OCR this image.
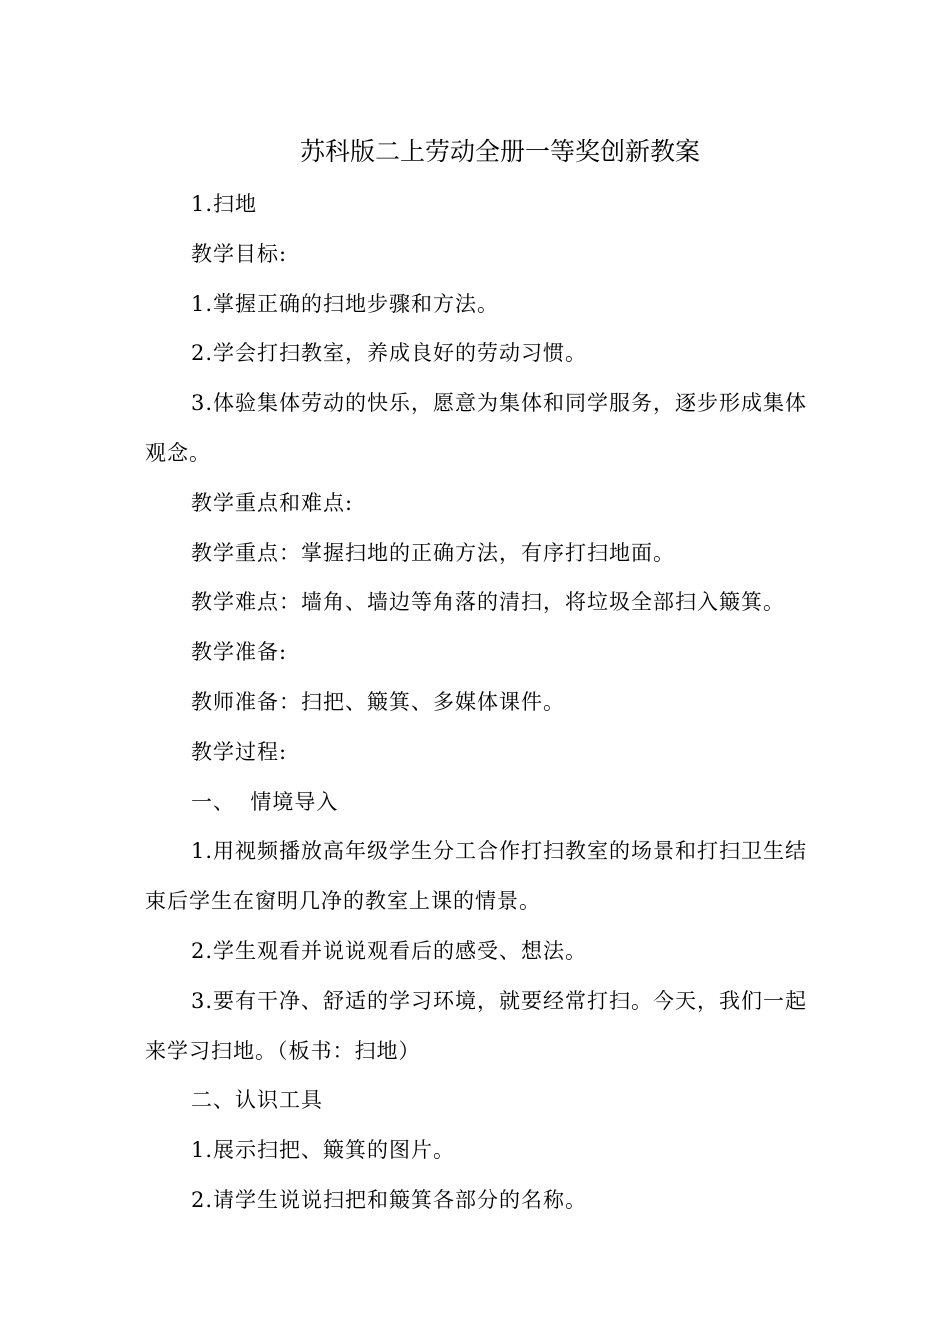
苏科版二上劳动全册一等奖创新教案

1.扫地

教学目标:

1.掌握正确的扫地步骤和方法。

2.学会打扫教室，养成良好的劳动习惯。

3.体验集体劳动的快乐，愿意为集体和同学服务，逐步形成集体观念。

教学重点和难点:

教学重点：掌握扫地的正确方法，有序打扫地面。

教学难点：墙角、墙边等角落的清扫，将垃圾全部扫入簸箕。

教学准备:

教师准备：扫把、簸箕、多媒体课件。

教学过程:

一、  情境导入

1.用视频播放高年级学生分工合作打扫教室的场景和打扫卫生结束后学生在窗明几净的教室上课的情景。

2.学生观看并说说观看后的感受、想法。

3.要有干净、舒适的学习环境，就要经常打扫。今天，我们一起来学习扫地。（板书：扫地）

二、认识工具

1.展示扫把、簸箕的图片。

2.请学生说说扫把和簸箕各部分的名称。
